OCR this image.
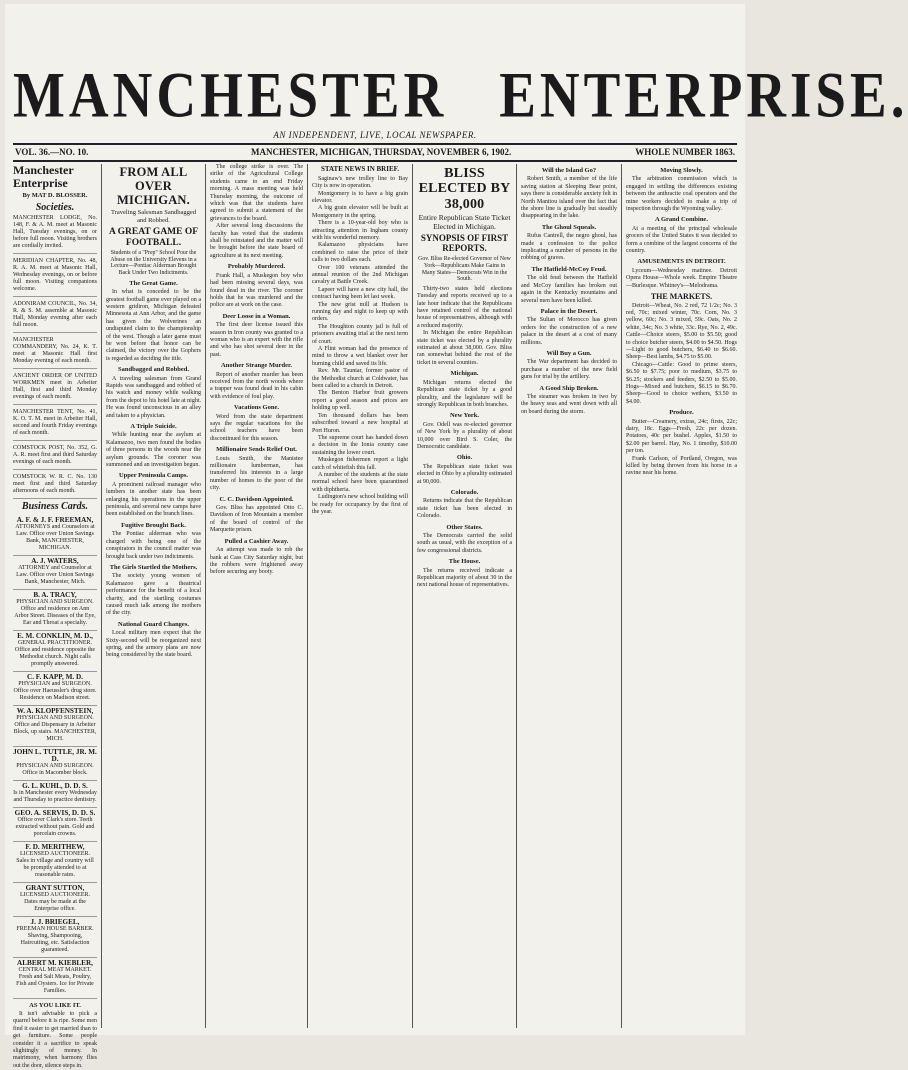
MANCHESTER ENTERPRISE.
AN INDEPENDENT, LIVE, LOCAL NEWSPAPER.
VOL. 36.—NO. 10.	MANCHESTER, MICHIGAN, THURSDAY, NOVEMBER 6, 1902.	WHOLE NUMBER 1863.
Manchester Enterprise
By MAT D. BLOSSER.
Societies.
MANCHESTER LODGE, No. 148, F. & A. M. meet at Masonic Hall, Tuesday evenings, on or before full moon. Visiting brothers are cordially invited.
MERIDIAN CHAPTER, No. 48, R. A. M. meet at Masonic Hall, Wednesday evenings, on or before full moon. Visiting companions welcome.
ADONIRAM COUNCIL, No. 34, R. & S. M. assemble at Masonic Hall, Monday evening after each full moon.
MANCHESTER COMMANDERY, No. 24, K. T. meet at Masonic Hall first Monday evening of each month.
ANCIENT ORDER OF UNITED WORKMEN meet in Arbeiter Hall, first and third Monday evenings of each month.
MANCHESTER TENT, No. 41, K. O. T. M. meet in Arbeiter Hall, second and fourth Friday evenings of each month.
COMSTOCK POST, No. 352, G. A. R. meet first and third Saturday evenings of each month.
COMSTOCK W. R. C. No. 130 meet first and third Saturday afternoons of each month.
Business Cards.
A. F. & J. F. FREEMAN,
ATTORNEYS and Counselors at Law. Office over Union Savings Bank, MANCHESTER, MICHIGAN.
A. J. WATERS,
ATTORNEY and Counselor at Law. Office over Union Savings Bank, Manchester, Mich.
B. A. TRACY,
PHYSICIAN AND SURGEON. Office and residence on Ann Arbor Street. Diseases of the Eye, Ear and Throat a specialty.
E. M. CONKLIN, M. D.,
GENERAL PRACTITIONER. Office and residence opposite the Methodist church. Night calls promptly answered.
C. F. KAPP, M. D.
PHYSICIAN and SURGEON. Office over Haeussler's drug store. Residence on Madison street.
W. A. KLOPFENSTEIN,
PHYSICIAN AND SURGEON. Office and Dispensary in Arbeiter Block, up stairs. MANCHESTER, MICH.
JOHN L. TUTTLE, JR. M. D.
PHYSICIAN AND SURGEON. Office in Macomber block.
G. L. KUHL, D. D. S.
Is in Manchester every Wednesday and Thursday to practice dentistry.
GEO. A. SERVIS, D. D. S.
Office over Clark's store. Teeth extracted without pain. Gold and porcelain crowns.
F. D. MERITHEW,
LICENSED AUCTIONEER. Sales in village and country will be promptly attended to at reasonable rates.
GRANT SUTTON,
LICENSED AUCTIONEER. Dates may be made at the Enterprise office.
J. J. BRIEGEL,
FREEMAN HOUSE BARBER. Shaving, Shampooing, Haircutting, etc. Satisfaction guaranteed.
ALBERT M. KIEBLER,
CENTRAL MEAT MARKET. Fresh and Salt Meats, Poultry, Fish and Oysters. Ice for Private Families.
AS YOU LIKE IT.

It isn't advisable to pick a quarrel before it is ripe. Some men find it easier to get married than to get furniture. Some people consider it a sacrifice to speak slightingly of money. In matrimony, when harmony flies out the door, silence steps in.

FROM ALL OVER MICHIGAN.
Traveling Salesman Sandbagged and Robbed.
A GREAT GAME OF FOOTBALL.
Students of a "Prep" School Pour the Abuse on the University Elevens in a Lecture—Pontiac Alderman Brought Back Under Two Indictments.
The Great Game.

In what is conceded to be the greatest football game ever played on a western gridiron, Michigan defeated Minnesota at Ann Arbor, and the game has given the Wolverines an undisputed claim to the championship of the west. Though a later game must be won before that honor can be claimed, the victory over the Gophers is regarded as deciding the title.

Sandbagged and Robbed.

A traveling salesman from Grand Rapids was sandbagged and robbed of his watch and money while walking from the depot to his hotel late at night. He was found unconscious in an alley and taken to a physician.

A Triple Suicide.

While hunting near the asylum at Kalamazoo, two men found the bodies of three persons in the woods near the asylum grounds. The coroner was summoned and an investigation begun.

Upper Peninsula Camps.

A prominent railroad manager who lumbers in another state has been enlarging his operations in the upper peninsula, and several new camps have been established on the branch lines.

Fugitive Brought Back.

The Pontiac alderman who was charged with being one of the conspirators in the council matter was brought back under two indictments.

The Girls Startled the Mothers.

The society young women of Kalamazoo gave a theatrical performance for the benefit of a local charity, and the startling costumes caused much talk among the mothers of the city.

National Guard Changes.

Local military men expect that the Sixty-second will be reorganized next spring, and the armory plans are now being considered by the state board.

The college strike is over. The strike of the Agricultural College students came to an end Friday morning. A mass meeting was held Thursday morning, the outcome of which was that the students have agreed to submit a statement of the grievances to the board.

After several long discussions the faculty has voted that the students shall be reinstated and the matter will be brought before the state board of agriculture at its next meeting.

Probably Murdered.

Frank Hall, a Muskegon boy who had been missing several days, was found dead in the river. The coroner holds that he was murdered and the police are at work on the case.

Deer Loose in a Woman.

The first deer license issued this season in Iron county was granted to a woman who is an expert with the rifle and who has shot several deer in the past.

Another Strange Murder.

Report of another murder has been received from the north woods where a trapper was found dead in his cabin with evidence of foul play.

Vacations Gone.

Word from the state department says the regular vacations for the school teachers have been discontinued for this season.

Millionaire Sends Relief Out.

Louis Smith, the Manistee millionaire lumberman, has transferred his interests in a large number of homes to the poor of the city.

C. C. Davidson Appointed.

Gov. Bliss has appointed Otto C. Davidson of Iron Mountain a member of the board of control of the Marquette prison.

Pulled a Cashier Away.

An attempt was made to rob the bank at Cass City Saturday night, but the robbers were frightened away before securing any booty.

STATE NEWS IN BRIEF.

Saginaw's new trolley line to Bay City is now in operation.

Montgomery is to have a big grain elevator.

A big grain elevator will be built at Montgomery in the spring.

There is a 10-year-old boy who is attracting attention in Ingham county with his wonderful memory.

Kalamazoo physicians have combined to raise the price of their calls to two dollars each.

Over 100 veterans attended the annual reunion of the 2nd Michigan cavalry at Battle Creek.

Lapeer will have a new city hall, the contract having been let last week.

The new grist mill at Hudson is running day and night to keep up with orders.

The Houghton county jail is full of prisoners awaiting trial at the next term of court.

A Flint woman had the presence of mind to throw a wet blanket over her burning child and saved its life.

Rev. Mr. Tauntar, former pastor of the Methodist church at Coldwater, has been called to a church in Detroit.

The Benton Harbor fruit growers report a good season and prices are holding up well.

Ten thousand dollars has been subscribed toward a new hospital at Port Huron.

The supreme court has handed down a decision in the Ionia county case sustaining the lower court.

Muskegon fishermen report a light catch of whitefish this fall.

A number of the students at the state normal school have been quarantined with diphtheria.

Ludington's new school building will be ready for occupancy by the first of the year.

BLISS ELECTED BY 38,000
Entire Republican State Ticket Elected in Michigan.
SYNOPSIS OF FIRST REPORTS.
Gov. Bliss Re-elected Governor of New York—Republicans Make Gains in Many States—Democrats Win in the South.

Thirty-two states held elections Tuesday and reports received up to a late hour indicate that the Republicans have retained control of the national house of representatives, although with a reduced majority.

In Michigan the entire Republican state ticket was elected by a plurality estimated at about 38,000. Gov. Bliss ran somewhat behind the rest of the ticket in several counties.

Michigan.

Michigan returns elected the Republican state ticket by a good plurality, and the legislature will be strongly Republican in both branches.

New York.

Gov. Odell was re-elected governor of New York by a plurality of about 10,000 over Bird S. Coler, the Democratic candidate.

Ohio.

The Republican state ticket was elected in Ohio by a plurality estimated at 90,000.

Colorado.

Returns indicate that the Republican state ticket has been elected in Colorado.

Other States.

The Democrats carried the solid south as usual, with the exception of a few congressional districts.

The House.

The returns received indicate a Republican majority of about 30 in the next national house of representatives.

Will the Island Go?

Robert Smith, a member of the life saving station at Sleeping Bear point, says there is considerable anxiety felt in North Manitou island over the fact that the shore line is gradually but steadily disappearing in the lake.

The Ghoul Squeals.

Rufus Cantrell, the negro ghoul, has made a confession to the police implicating a number of persons in the robbing of graves.

The Hatfield-McCoy Feud.

The old feud between the Hatfield and McCoy families has broken out again in the Kentucky mountains and several men have been killed.

Palace in the Desert.

The Sultan of Morocco has given orders for the construction of a new palace in the desert at a cost of many millions.

Will Buy a Gun.

The War department has decided to purchase a number of the new field guns for trial by the artillery.

A Good Ship Broken.

The steamer was broken in two by the heavy seas and went down with all on board during the storm.

Moving Slowly.

The arbitration commission which is engaged in settling the differences existing between the anthracite coal operators and the mine workers decided to make a trip of inspection through the Wyoming valley.

A Grand Combine.

At a meeting of the principal wholesale grocers of the United States it was decided to form a combine of the largest concerns of the country.

AMUSEMENTS IN DETROIT.

Lyceum—Wednesday matinee. Detroit Opera House—Whole week. Empire Theatre—Burlesque. Whitney's—Melodrama.

THE MARKETS.

Detroit—Wheat, No. 2 red, 72 1/2c; No. 3 red, 70c; mixed winter, 70c. Corn, No. 3 yellow, 60c; No. 3 mixed, 59c. Oats, No. 2 white, 34c; No. 3 white, 33c. Rye, No. 2, 49c. Cattle—Choice steers, $5.00 to $5.50; good to choice butcher steers, $4.00 to $4.50. Hogs—Light to good butchers, $6.40 to $6.60. Sheep—Best lambs, $4.75 to $5.00.

Chicago—Cattle: Good to prime steers, $6.50 to $7.75; poor to medium, $3.75 to $6.25; stockers and feeders, $2.50 to $5.00. Hogs—Mixed and butchers, $6.15 to $6.70. Sheep—Good to choice wethers, $3.50 to $4.00.

Produce.

Butter—Creamery, extras, 24c; firsts, 22c; dairy, 18c. Eggs—Fresh, 22c per dozen. Potatoes, 40c per bushel. Apples, $1.50 to $2.00 per barrel. Hay, No. 1 timothy, $10.00 per ton.

Frank Carlson, of Portland, Oregon, was killed by being thrown from his horse in a ravine near his home.
